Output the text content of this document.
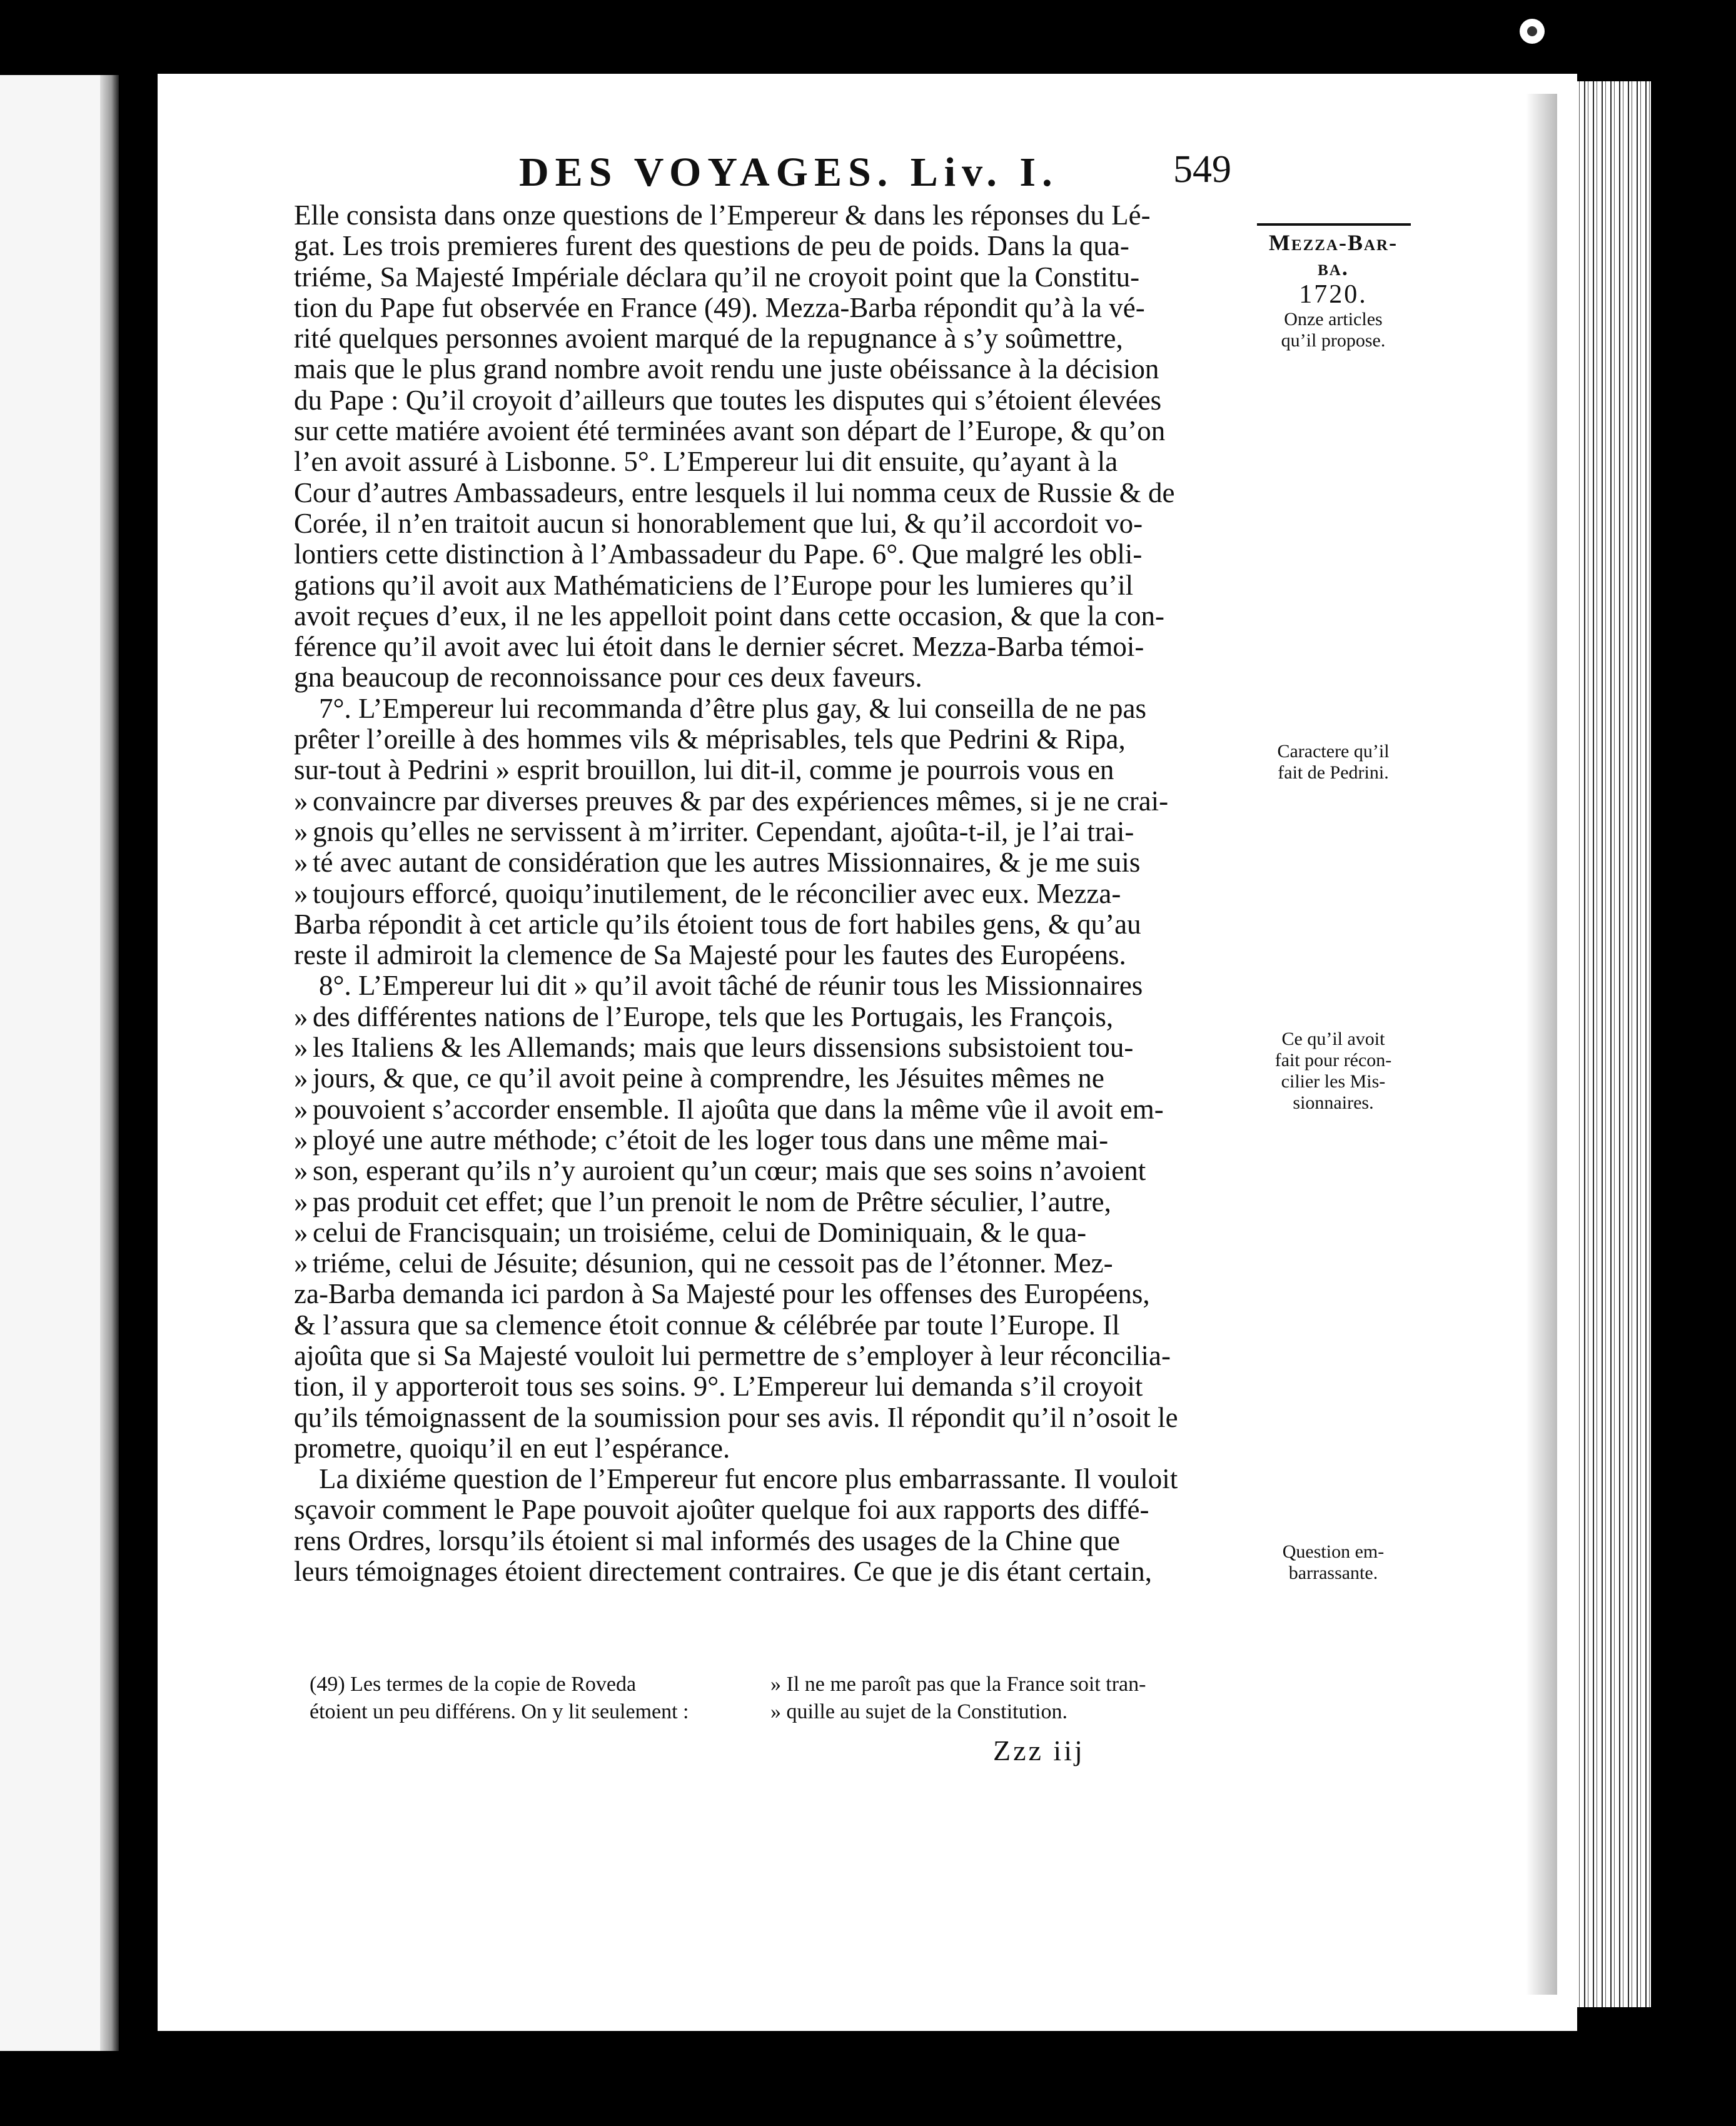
DES VOYAGES. Liv. I.	549
Elle consista dans onze questions de l’Empereur & dans les réponses du Lé-
gat. Les trois premieres furent des questions de peu de poids. Dans la qua-
triéme, Sa Majesté Impériale déclara qu’il ne croyoit point que la Constitu-
tion du Pape fut observée en France (49). Mezza-Barba répondit qu’à la vé-
rité quelques personnes avoient marqué de la repugnance à s’y soûmettre,
mais que le plus grand nombre avoit rendu une juste obéissance à la décision
du Pape : Qu’il croyoit d’ailleurs que toutes les disputes qui s’étoient élevées
sur cette matiére avoient été terminées avant son départ de l’Europe, & qu’on
l’en avoit assuré à Lisbonne. 5°. L’Empereur lui dit ensuite, qu’ayant à la
Cour d’autres Ambassadeurs, entre lesquels il lui nomma ceux de Russie & de
Corée, il n’en traitoit aucun si honorablement que lui, & qu’il accordoit vo-
lontiers cette distinction à l’Ambassadeur du Pape. 6°. Que malgré les obli-
gations qu’il avoit aux Mathématiciens de l’Europe pour les lumieres qu’il
avoit reçues d’eux, il ne les appelloit point dans cette occasion, & que la con-
férence qu’il avoit avec lui étoit dans le dernier sécret. Mezza-Barba témoi-
gna beaucoup de reconnoissance pour ces deux faveurs.
7°. L’Empereur lui recommanda d’être plus gay, & lui conseilla de ne pas
prêter l’oreille à des hommes vils & méprisables, tels que Pedrini & Ripa,
sur-tout à Pedrini » esprit brouillon, lui dit-il, comme je pourrois vous en
» convaincre par diverses preuves & par des expériences mêmes, si je ne crai-
» gnois qu’elles ne servissent à m’irriter. Cependant, ajoûta-t-il, je l’ai trai-
» té avec autant de considération que les autres Missionnaires, & je me suis
» toujours efforcé, quoiqu’inutilement, de le réconcilier avec eux. Mezza-
Barba répondit à cet article qu’ils étoient tous de fort habiles gens, & qu’au
reste il admiroit la clemence de Sa Majesté pour les fautes des Européens.
8°. L’Empereur lui dit » qu’il avoit tâché de réunir tous les Missionnaires
» des différentes nations de l’Europe, tels que les Portugais, les François,
» les Italiens & les Allemands; mais que leurs dissensions subsistoient tou-
» jours, & que, ce qu’il avoit peine à comprendre, les Jésuites mêmes ne
» pouvoient s’accorder ensemble. Il ajoûta que dans la même vûe il avoit em-
» ployé une autre méthode; c’étoit de les loger tous dans une même mai-
» son, esperant qu’ils n’y auroient qu’un cœur; mais que ses soins n’avoient
» pas produit cet effet; que l’un prenoit le nom de Prêtre séculier, l’autre,
» celui de Francisquain; un troisiéme, celui de Dominiquain, & le qua-
» triéme, celui de Jésuite; désunion, qui ne cessoit pas de l’étonner. Mez-
za-Barba demanda ici pardon à Sa Majesté pour les offenses des Européens,
& l’assura que sa clemence étoit connue & célébrée par toute l’Europe. Il
ajoûta que si Sa Majesté vouloit lui permettre de s’employer à leur réconcilia-
tion, il y apporteroit tous ses soins. 9°. L’Empereur lui demanda s’il croyoit
qu’ils témoignassent de la soumission pour ses avis. Il répondit qu’il n’osoit le
prometre, quoiqu’il en eut l’espérance.
La dixiéme question de l’Empereur fut encore plus embarrassante. Il vouloit
sçavoir comment le Pape pouvoit ajoûter quelque foi aux rapports des diffé-
rens Ordres, lorsqu’ils étoient si mal informés des usages de la Chine que
leurs témoignages étoient directement contraires. Ce que je dis étant certain,
Mezza-Bar-
ba.
1720.
Onze articles
qu’il propose.
Caractere qu’il
fait de Pedrini.
Ce qu’il avoit
fait pour récon-
cilier les Mis-
sionnaires.
Question em-
barrassante.
(49) Les termes de la copie de Roveda
étoient un peu différens. On y lit seulement :
» Il ne me paroît pas que la France soit tran-
» quille au sujet de la Constitution.
Zzz iij
